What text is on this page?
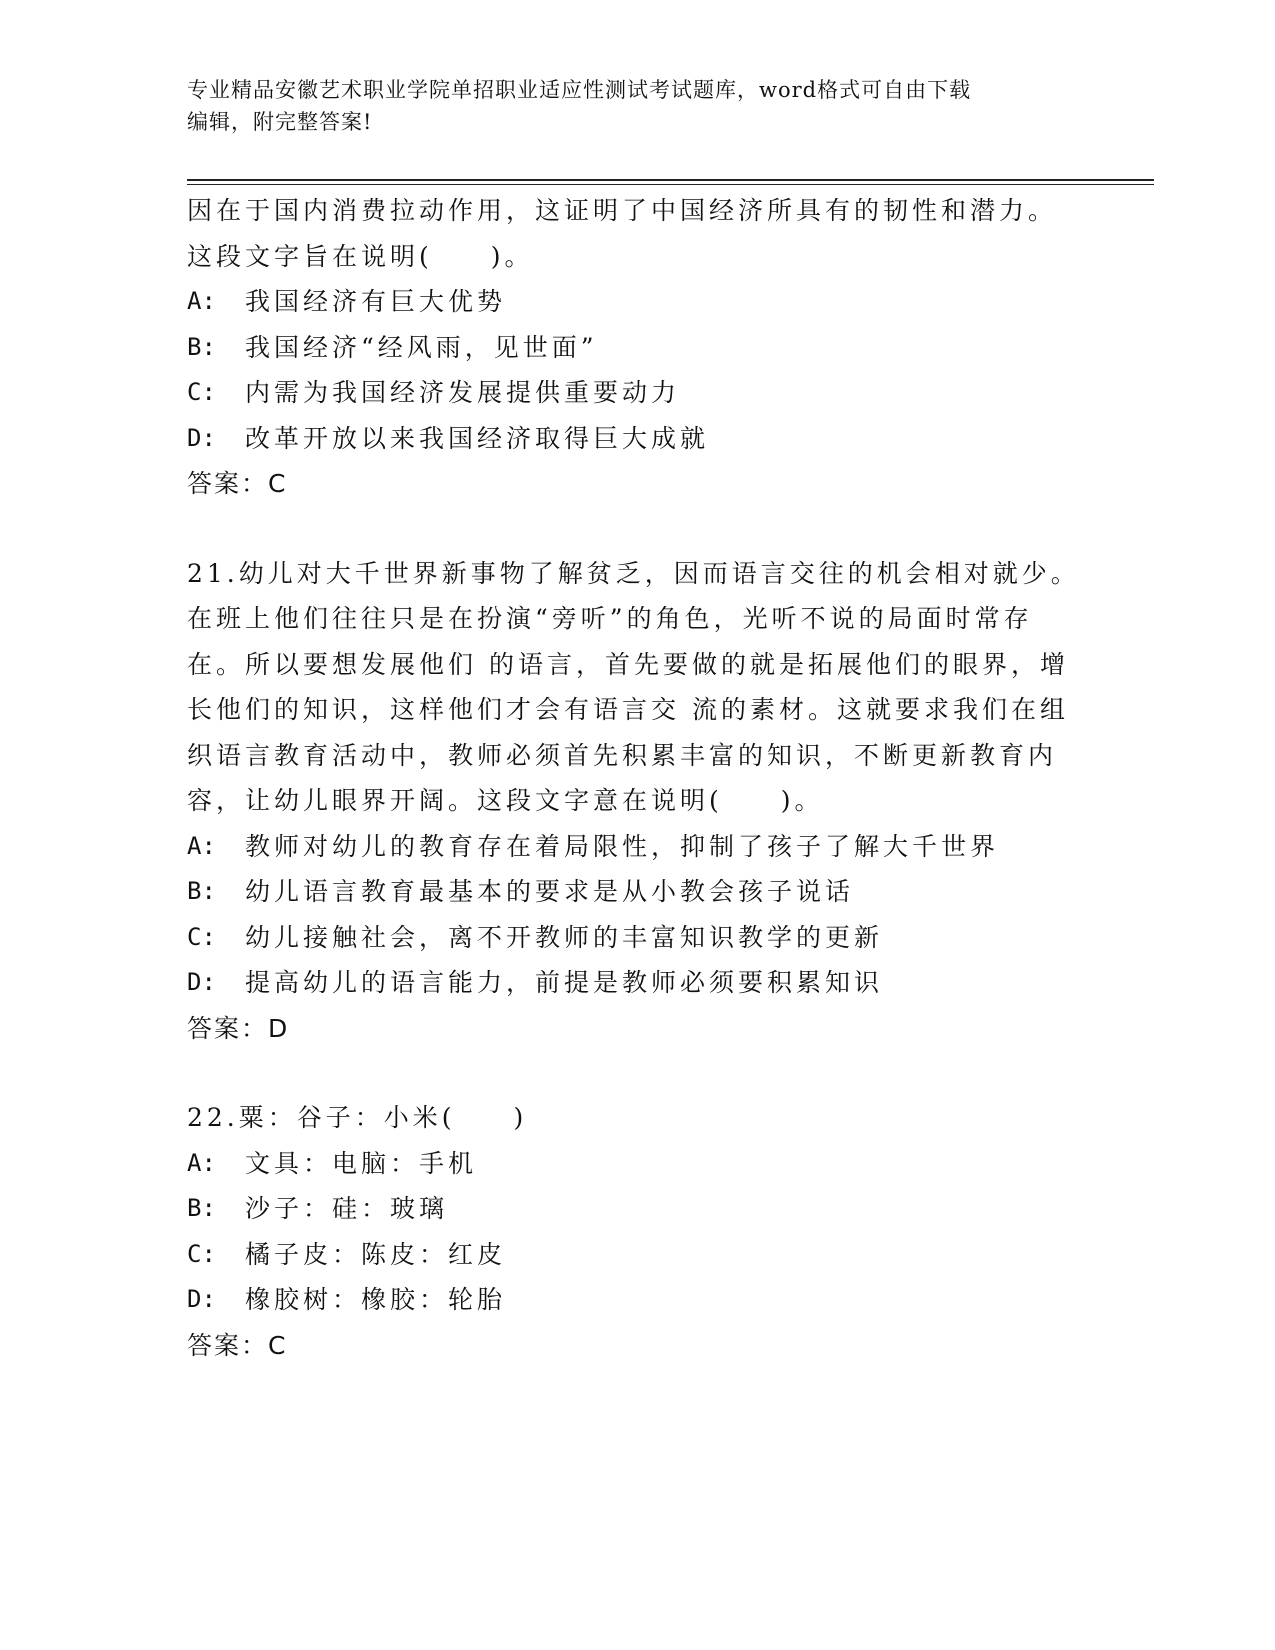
专业精品安徽艺术职业学院单招职业适应性测试考试题库，word格式可自由下载
编辑，附完整答案!
因在于国内消费拉动作用，这证明了中国经济所具有的韧性和潜力。
这段文字旨在说明(　　)。
A:	我国经济有巨大优势
B:	我国经济“经风雨，见世面”
C:	内需为我国经济发展提供重要动力
D:	改革开放以来我国经济取得巨大成就
答案：C
21.幼儿对大千世界新事物了解贫乏，因而语言交往的机会相对就少。
在班上他们往往只是在扮演“旁听”的角色，光听不说的局面时常存
在。所以要想发展他们 的语言，首先要做的就是拓展他们的眼界，增
长他们的知识，这样他们才会有语言交 流的素材。这就要求我们在组
织语言教育活动中，教师必须首先积累丰富的知识，不断更新教育内
容，让幼儿眼界开阔。这段文字意在说明(　　)。
A:	教师对幼儿的教育存在着局限性，抑制了孩子了解大千世界
B:	幼儿语言教育最基本的要求是从小教会孩子说话
C:	幼儿接触社会，离不开教师的丰富知识教学的更新
D:	提高幼儿的语言能力，前提是教师必须要积累知识
答案：D
22.粟：谷子：小米(　　)
A:	文具：电脑：手机
B:	沙子：硅：玻璃
C:	橘子皮：陈皮：红皮
D:	橡胶树：橡胶：轮胎
答案：C
